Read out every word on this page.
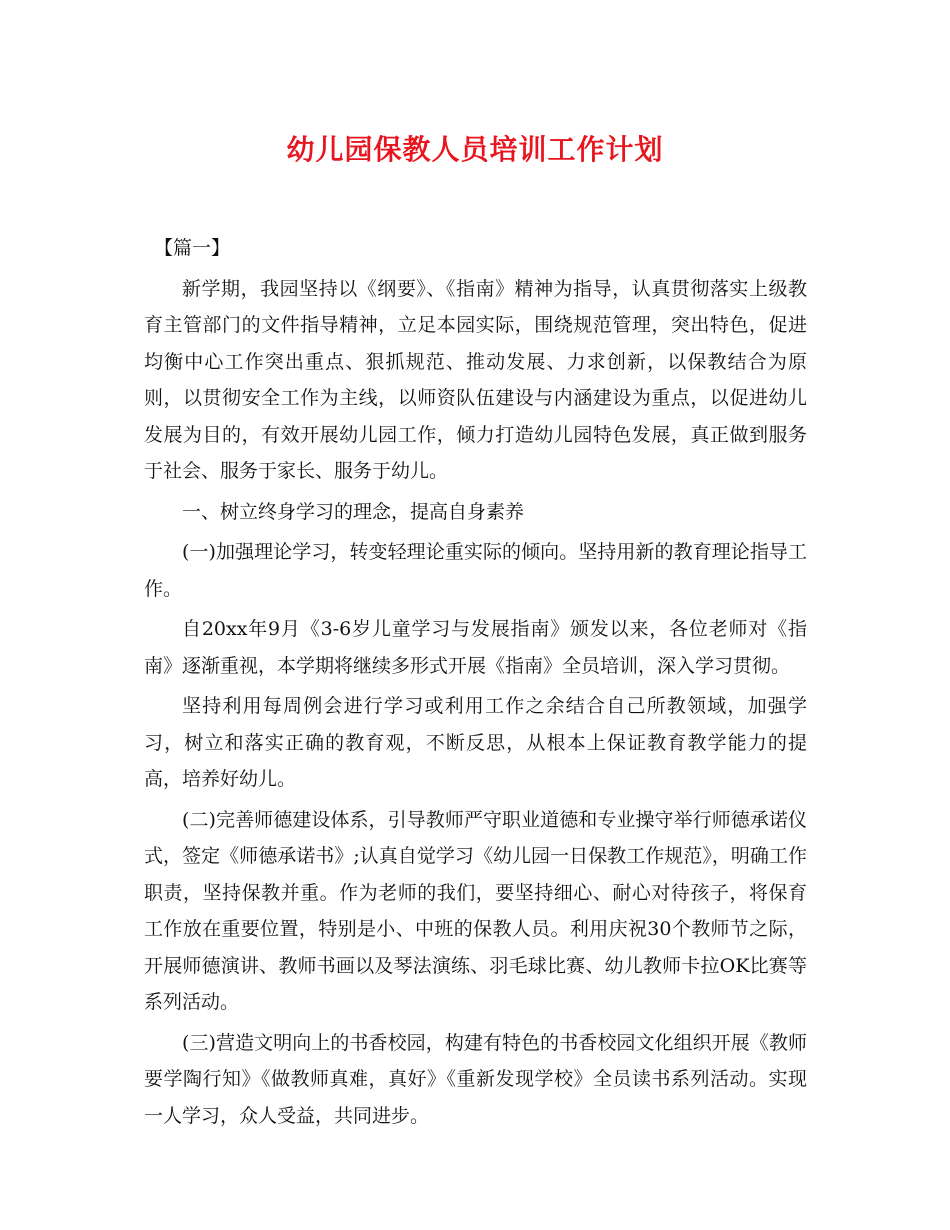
幼儿园保教人员培训工作计划

【篇一】

新学期，我园坚持以《纲要》、《指南》精神为指导，认真贯彻落实上级教育主管部门的文件指导精神，立足本园实际，围绕规范管理，突出特色，促进均衡中心工作突出重点、狠抓规范、推动发展、力求创新，以保教结合为原则，以贯彻安全工作为主线，以师资队伍建设与内涵建设为重点，以促进幼儿发展为目的，有效开展幼儿园工作，倾力打造幼儿园特色发展，真正做到服务于社会、服务于家长、服务于幼儿。

一、树立终身学习的理念，提高自身素养

(一)加强理论学习，转变轻理论重实际的倾向。坚持用新的教育理论指导工作。

自20xx年9月《3-6岁儿童学习与发展指南》颁发以来，各位老师对《指南》逐渐重视，本学期将继续多形式开展《指南》全员培训，深入学习贯彻。

坚持利用每周例会进行学习或利用工作之余结合自己所教领域，加强学习，树立和落实正确的教育观，不断反思，从根本上保证教育教学能力的提高，培养好幼儿。

(二)完善师德建设体系，引导教师严守职业道德和专业操守举行师德承诺仪式，签定《师德承诺书》;认真自觉学习《幼儿园一日保教工作规范》，明确工作职责，坚持保教并重。作为老师的我们，要坚持细心、耐心对待孩子，将保育工作放在重要位置，特别是小、中班的保教人员。利用庆祝30个教师节之际，开展师德演讲、教师书画以及琴法演练、羽毛球比赛、幼儿教师卡拉OK比赛等系列活动。

(三)营造文明向上的书香校园，构建有特色的书香校园文化组织开展《教师要学陶行知》《做教师真难，真好》《重新发现学校》全员读书系列活动。实现一人学习，众人受益，共同进步。
